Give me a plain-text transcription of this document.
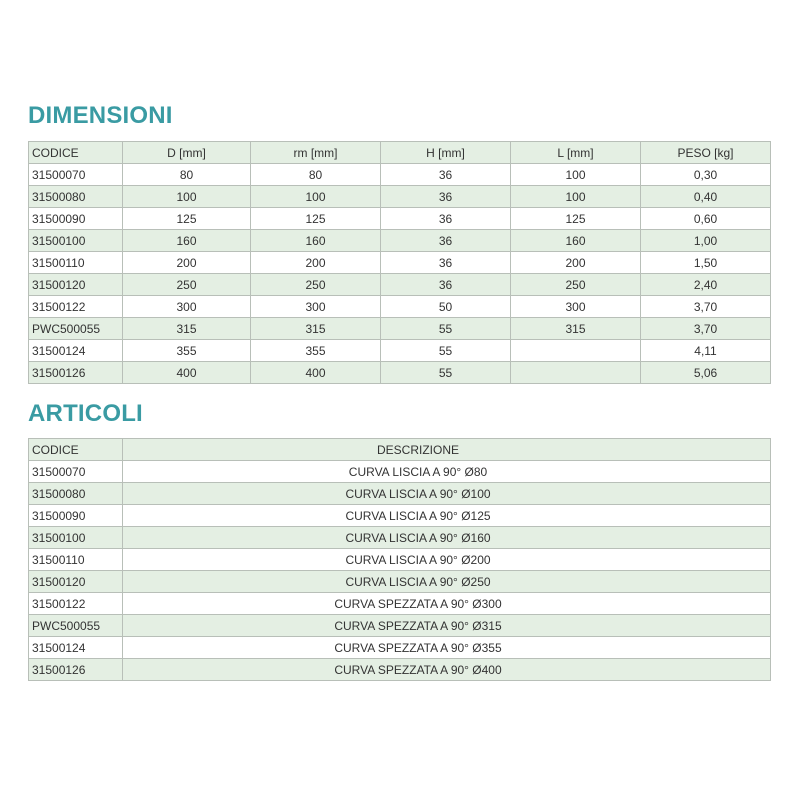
DIMENSIONI
CODICE	D [mm]	rm [mm]	H [mm]	L [mm]	PESO [kg]
31500070	80	80	36	100	0,30
31500080	100	100	36	100	0,40
31500090	125	125	36	125	0,60
31500100	160	160	36	160	1,00
31500110	200	200	36	200	1,50
31500120	250	250	36	250	2,40
31500122	300	300	50	300	3,70
PWC500055	315	315	55	315	3,70
31500124	355	355	55		4,11
31500126	400	400	55		5,06
ARTICOLI
CODICE	DESCRIZIONE
31500070	CURVA LISCIA A 90° Ø80
31500080	CURVA LISCIA A 90° Ø100
31500090	CURVA LISCIA A 90° Ø125
31500100	CURVA LISCIA A 90° Ø160
31500110	CURVA LISCIA A 90° Ø200
31500120	CURVA LISCIA A 90° Ø250
31500122	CURVA SPEZZATA A 90° Ø300
PWC500055	CURVA SPEZZATA A 90° Ø315
31500124	CURVA SPEZZATA A 90° Ø355
31500126	CURVA SPEZZATA A 90° Ø400
